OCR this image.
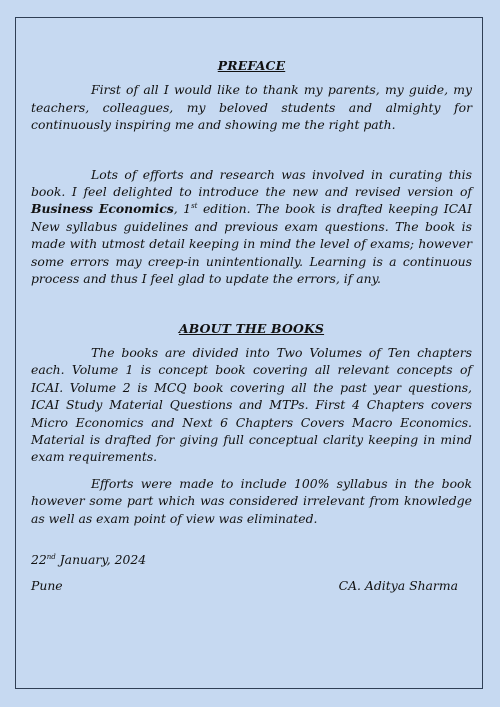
PREFACE

First of all I would like to thank my parents, my guide, my teachers, colleagues, my beloved students and almighty for continuously inspiring me and showing me the right path.

Lots of efforts and research was involved in curating this book. I feel delighted to introduce the new and revised version of Business Economics, 1st edition. The book is drafted keeping ICAI New syllabus guidelines and previous exam questions. The book is made with utmost detail keeping in mind the level of exams; however some errors may creep-in unintentionally. Learning is a continuous process and thus I feel glad to update the errors, if any.

ABOUT THE BOOKS

The books are divided into Two Volumes of Ten chapters each. Volume 1 is concept book covering all relevant concepts of ICAI. Volume 2 is MCQ book covering all the past year questions, ICAI Study Material Questions and MTPs. First 4 Chapters covers Micro Economics and Next 6 Chapters Covers Macro Economics. Material is drafted for giving full conceptual clarity keeping in mind exam requirements.

Efforts were made to include 100% syllabus in the book however some part which was considered irrelevant from knowledge as well as exam point of view was eliminated.

22nd January, 2024

Pune	CA. Aditya Sharma
